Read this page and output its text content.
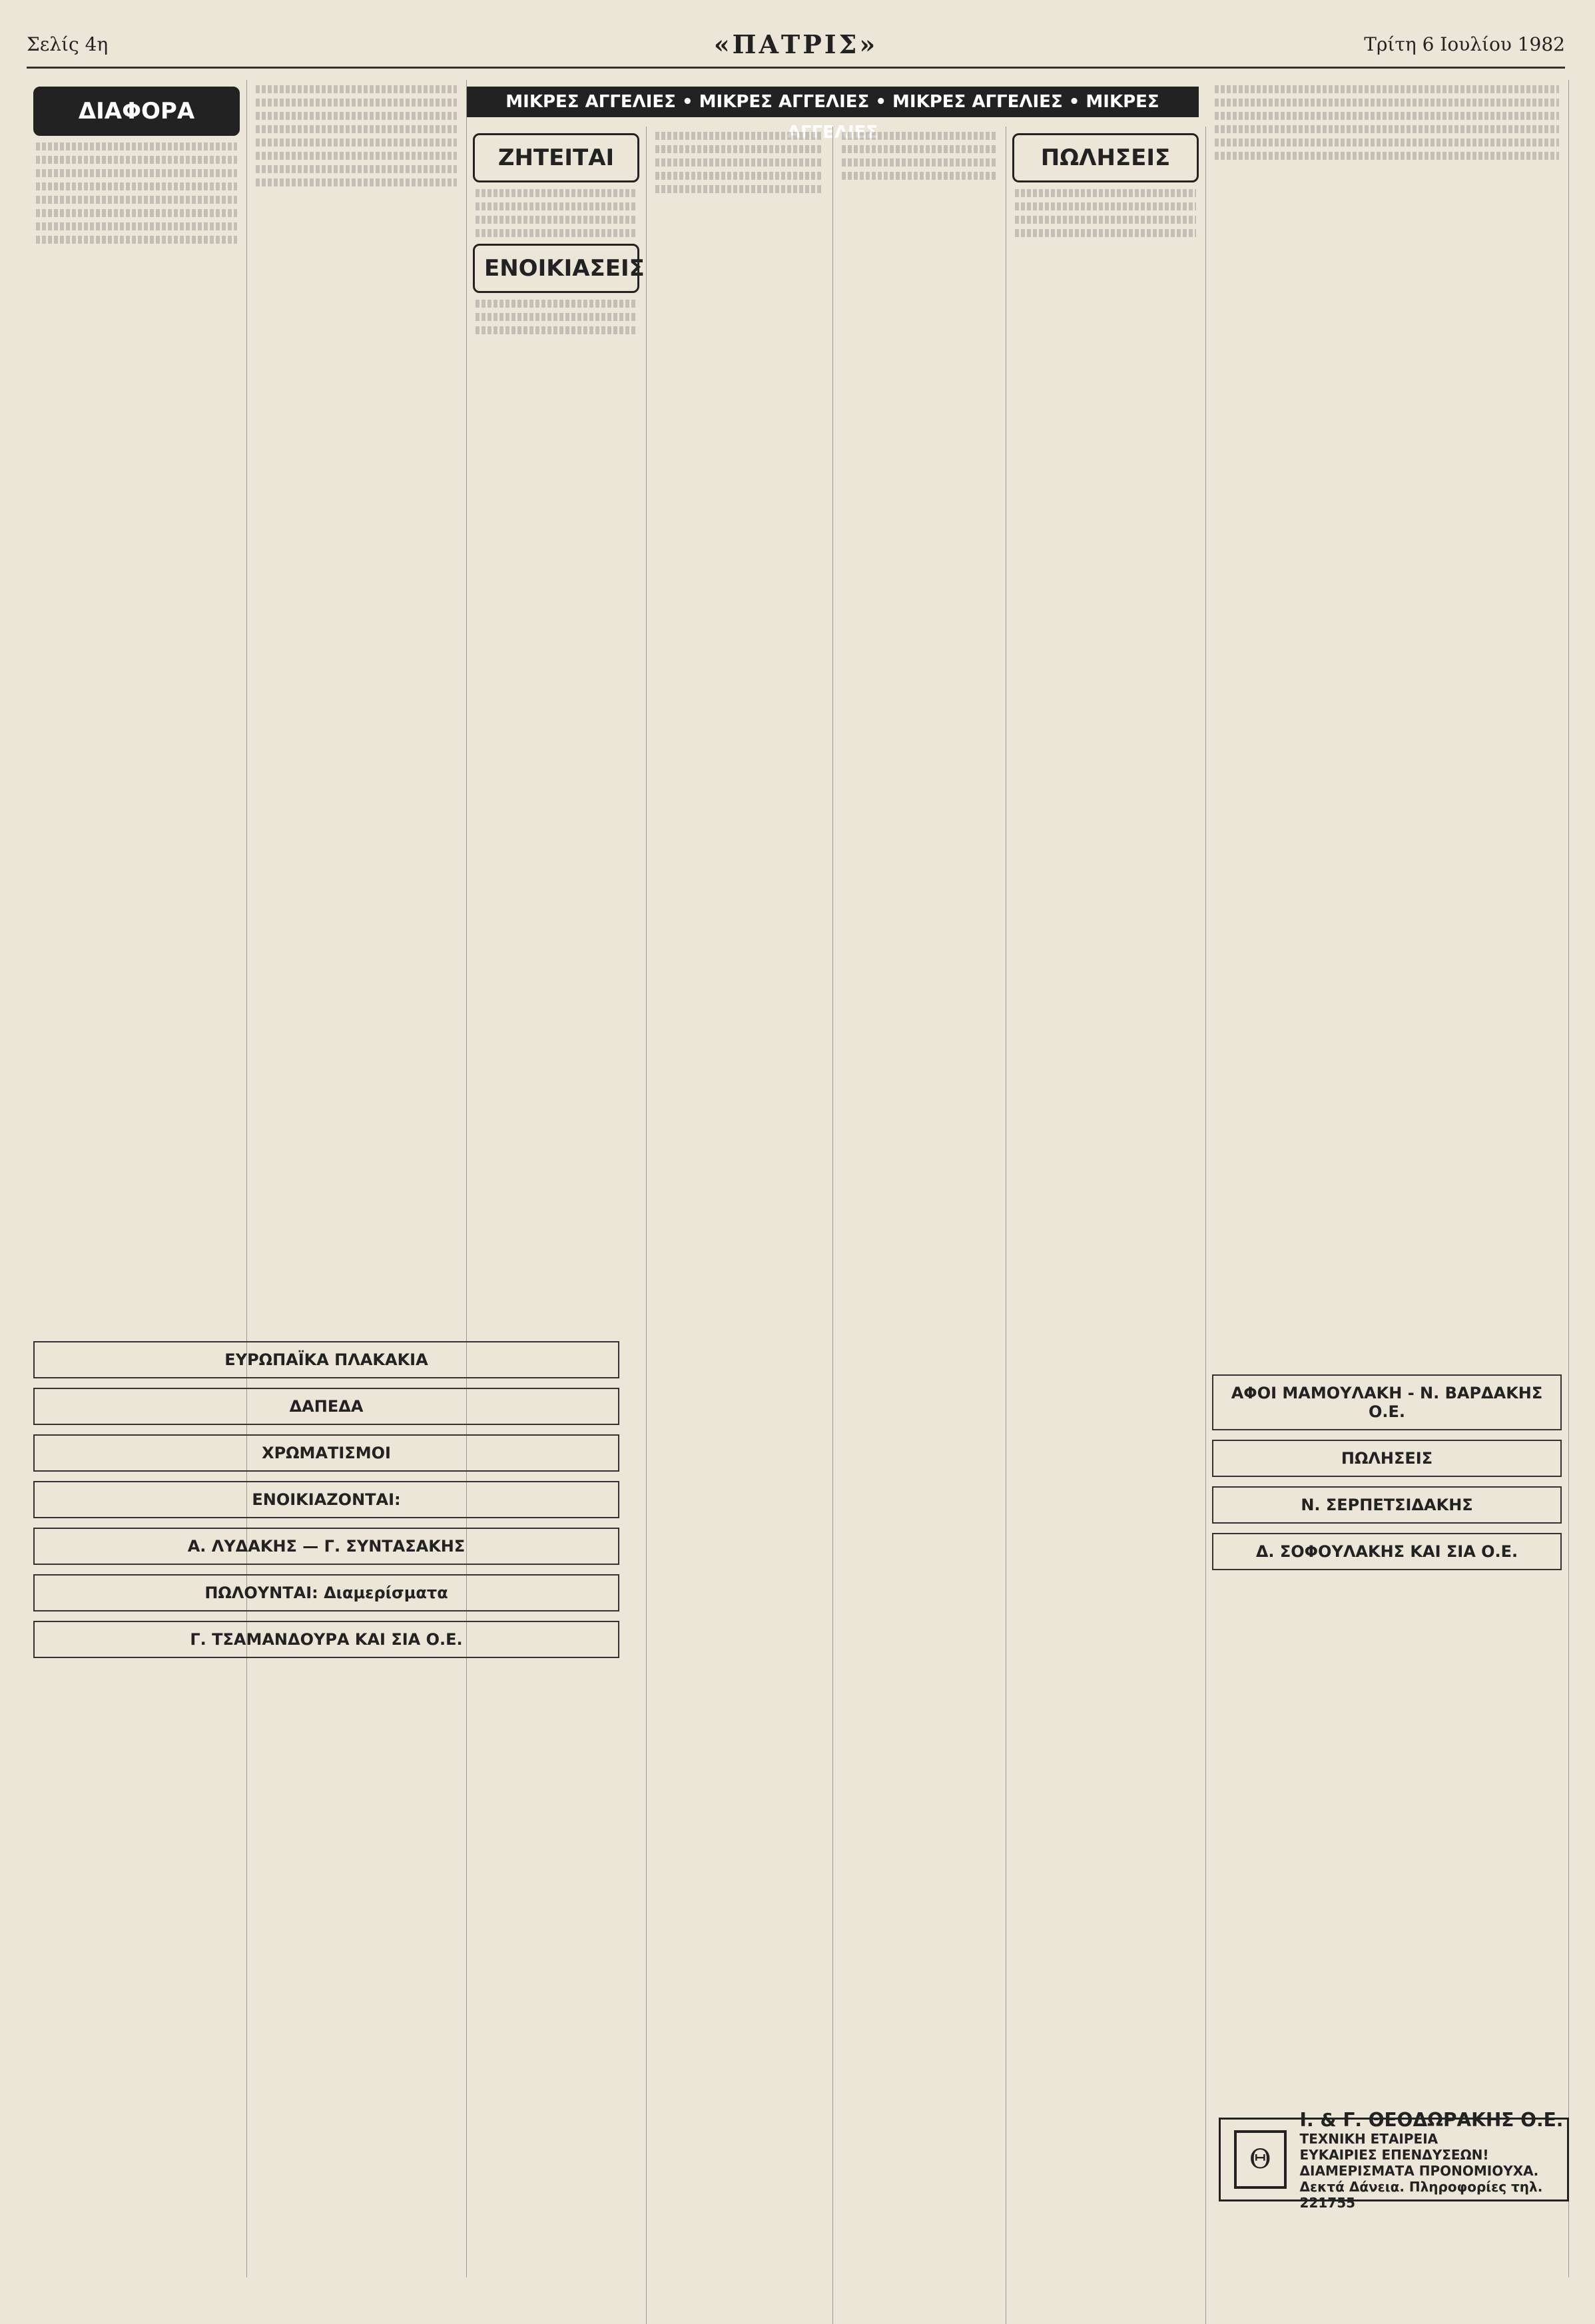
Σελίς 4η	«ΠΑΤΡΙΣ»	Τρίτη 6 Ιουλίου 1982
ΜΙΚΡΕΣ ΑΓΓΕΛΙΕΣ • ΜΙΚΡΕΣ ΑΓΓΕΛΙΕΣ • ΜΙΚΡΕΣ ΑΓΓΕΛΙΕΣ • ΜΙΚΡΕΣ ΑΓΓΕΛΙΕΣ
ΔΙΑΦΟΡΑ
ΖΗΤΕΙΤΑΙ
ΕΝΟΙΚΙΑΣΕΙΣ
ΠΩΛΗΣΕΙΣ
ΕΥΡΩΠΑΪΚΑ ΠΛΑΚΑΚΙΑ
ΔΑΠΕΔΑ
ΧΡΩΜΑΤΙΣΜΟΙ
ΕΝΟΙΚΙΑΖΟΝΤΑΙ:
Α. ΛΥΔΑΚΗΣ — Γ. ΣΥΝΤΑΣΑΚΗΣ
ΠΩΛΟΥΝΤΑΙ: Διαμερίσματα
Γ. ΤΣΑΜΑΝΔΟΥΡΑ ΚΑΙ ΣΙΑ Ο.Ε.
ΑΦΟΙ ΜΑΜΟΥΛΑΚΗ - Ν. ΒΑΡΔΑΚΗΣ Ο.Ε.
ΠΩΛΗΣΕΙΣ
Ν. ΣΕΡΠΕΤΣΙΔΑΚΗΣ
Δ. ΣΟΦΟΥΛΑΚΗΣ ΚΑΙ ΣΙΑ Ο.Ε.
Θ
Ι. & Γ. ΘΕΟΔΩΡΑΚΗΣ Ο.Ε.
ΤΕΧΝΙΚΗ ΕΤΑΙΡΕΙΑ
ΕΥΚΑΙΡΙΕΣ ΕΠΕΝΔΥΣΕΩΝ!
ΔΙΑΜΕΡΙΣΜΑΤΑ ΠΡΟΝΟΜΙΟΥΧΑ.
Δεκτά Δάνεια. Πληροφορίες τηλ. 221755
